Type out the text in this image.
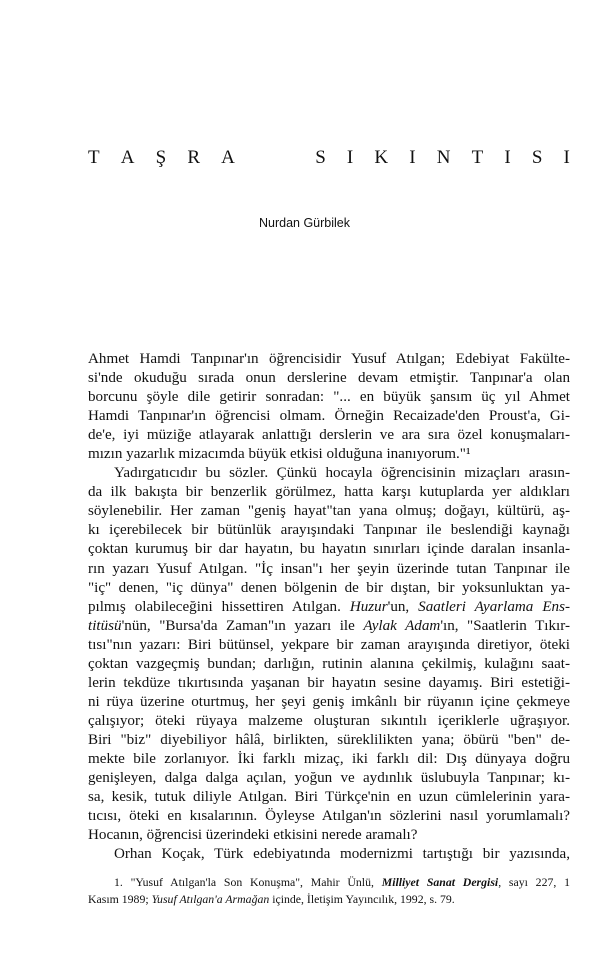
T A Ş R A	S I K I N T I S I
Nurdan Gürbilek
Ahmet Hamdi Tanpınar'ın öğrencisidir Yusuf Atılgan; Edebiyat Fakülte-
si'nde okuduğu sırada onun derslerine devam etmiştir. Tanpınar'a olan
borcunu şöyle dile getirir sonradan: "... en büyük şansım üç yıl Ahmet
Hamdi Tanpınar'ın öğrencisi olmam. Örneğin Recaizade'den Proust'a, Gi-
de'e, iyi müziğe atlayarak anlattığı derslerin ve ara sıra özel konuşmaları-
mızın yazarlık mizacımda büyük etkisi olduğuna inanıyorum."¹
Yadırgatıcıdır bu sözler. Çünkü hocayla öğrencisinin mizaçları arasın-
da ilk bakışta bir benzerlik görülmez, hatta karşı kutuplarda yer aldıkları
söylenebilir. Her zaman "geniş hayat"tan yana olmuş; doğayı, kültürü, aş-
kı içerebilecek bir bütünlük arayışındaki Tanpınar ile beslendiği kaynağı
çoktan kurumuş bir dar hayatın, bu hayatın sınırları içinde daralan insanla-
rın yazarı Yusuf Atılgan. "İç insan"ı her şeyin üzerinde tutan Tanpınar ile
"iç" denen, "iç dünya" denen bölgenin de bir dıştan, bir yoksunluktan ya-
pılmış olabileceğini hissettiren Atılgan. Huzur'un, Saatleri Ayarlama Ens-
titüsü'nün, "Bursa'da Zaman"ın yazarı ile Aylak Adam'ın, "Saatlerin Tıkır-
tısı"nın yazarı: Biri bütünsel, yekpare bir zaman arayışında diretiyor, öteki
çoktan vazgeçmiş bundan; darlığın, rutinin alanına çekilmiş, kulağını saat-
lerin tekdüze tıkırtısında yaşanan bir hayatın sesine dayamış. Biri estetiği-
ni rüya üzerine oturtmuş, her şeyi geniş imkânlı bir rüyanın içine çekmeye
çalışıyor; öteki rüyaya malzeme oluşturan sıkıntılı içeriklerle uğraşıyor.
Biri "biz" diyebiliyor hâlâ, birlikten, süreklilikten yana; öbürü "ben" de-
mekte bile zorlanıyor. İki farklı mizaç, iki farklı dil: Dış dünyaya doğru
genişleyen, dalga dalga açılan, yoğun ve aydınlık üslubuyla Tanpınar; kı-
sa, kesik, tutuk diliyle Atılgan. Biri Türkçe'nin en uzun cümlelerinin yara-
tıcısı, öteki en kısalarının. Öyleyse Atılgan'ın sözlerini nasıl yorumlamalı?
Hocanın, öğrencisi üzerindeki etkisini nerede aramalı?
Orhan Koçak, Türk edebiyatında modernizmi tartıştığı bir yazısında,
1. "Yusuf Atılgan'la Son Konuşma", Mahir Ünlü, Milliyet Sanat Dergisi, sayı 227, 1
Kasım 1989; Yusuf Atılgan'a Armağan içinde, İletişim Yayıncılık, 1992, s. 79.
